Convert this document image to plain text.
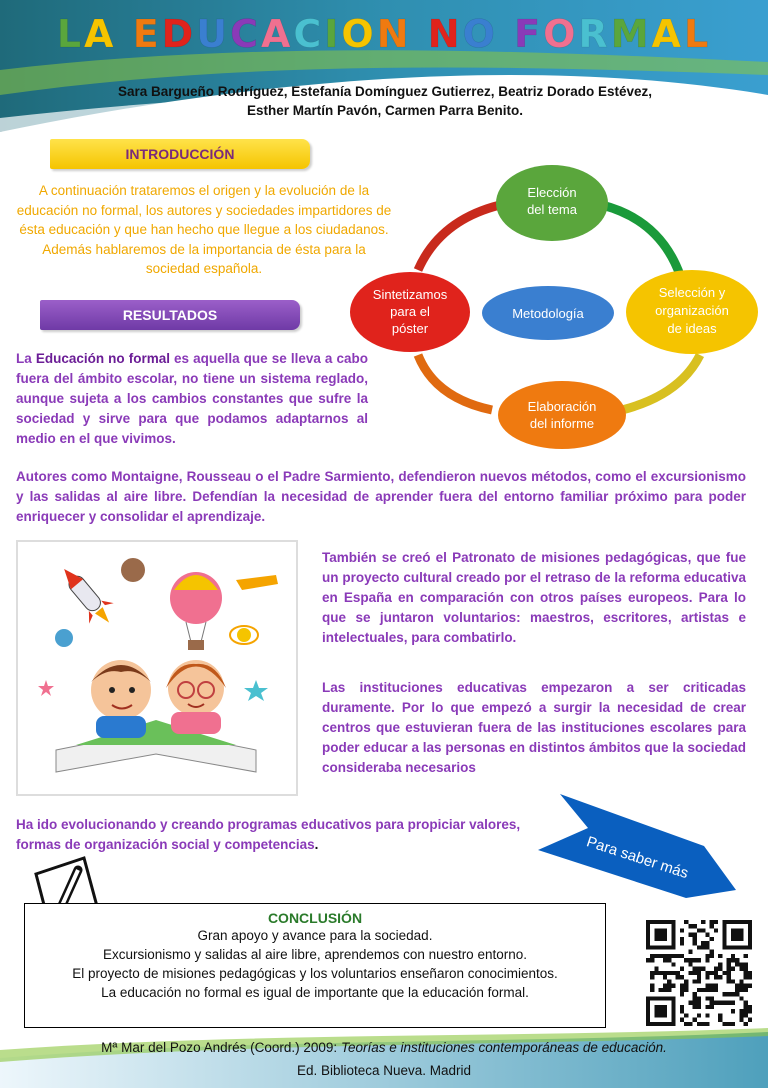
LA EDUCACION NO FORMAL
Sara Bargueño Rodríguez, Estefanía Domínguez Gutierrez, Beatriz Dorado Estévez,
Esther Martín Pavón, Carmen Parra Benito.
INTRODUCCIÓN
A continuación trataremos el origen y la evolución de la educación no formal, los autores y sociedades impartidores de ésta educación y que han hecho que llegue a los ciudadanos. Además hablaremos de la importancia de ésta para la sociedad española.
RESULTADOS
Elección
del tema
Selección y
organización
de ideas
Elaboración
del informe
Sintetizamos
para el
póster
Metodología
La Educación no formal es aquella que se lleva a cabo fuera del ámbito escolar, no tiene un sistema reglado, aunque sujeta a los cambios constantes que sufre la sociedad y sirve para que podamos adaptarnos al medio en el que vivimos.
Autores como Montaigne, Rousseau o el Padre Sarmiento, defendieron nuevos métodos, como el excursionismo y las salidas al aire libre. Defendían la necesidad de aprender fuera del entorno familiar próximo para poder enriquecer y consolidar el aprendizaje.
También se creó el Patronato de misiones pedagógicas, que fue un proyecto cultural creado por el retraso de la reforma educativa en España en comparación con otros países europeos. Para lo que se juntaron voluntarios: maestros, escritores, artistas e intelectuales, para combatirlo.
Las instituciones educativas empezaron a ser criticadas duramente. Por lo que empezó a surgir la necesidad de crear centros que estuvieran fuera de las instituciones escolares para poder educar a las personas en distintos ámbitos que la sociedad consideraba necesarios
Ha ido evolucionando y creando programas educativos para propiciar valores, formas de organización social y competencias.	Para saber más
CONCLUSIÓN
Gran apoyo y avance para la sociedad.
Excursionismo y salidas al aire libre, aprendemos con nuestro entorno.
El proyecto de misiones pedagógicas y los voluntarios enseñaron conocimientos.
La educación no formal es igual de importante que la educación formal.
Mª Mar del Pozo Andrés (Coord.) 2009: Teorías e instituciones contemporáneas de educación.
Ed. Biblioteca Nueva. Madrid
